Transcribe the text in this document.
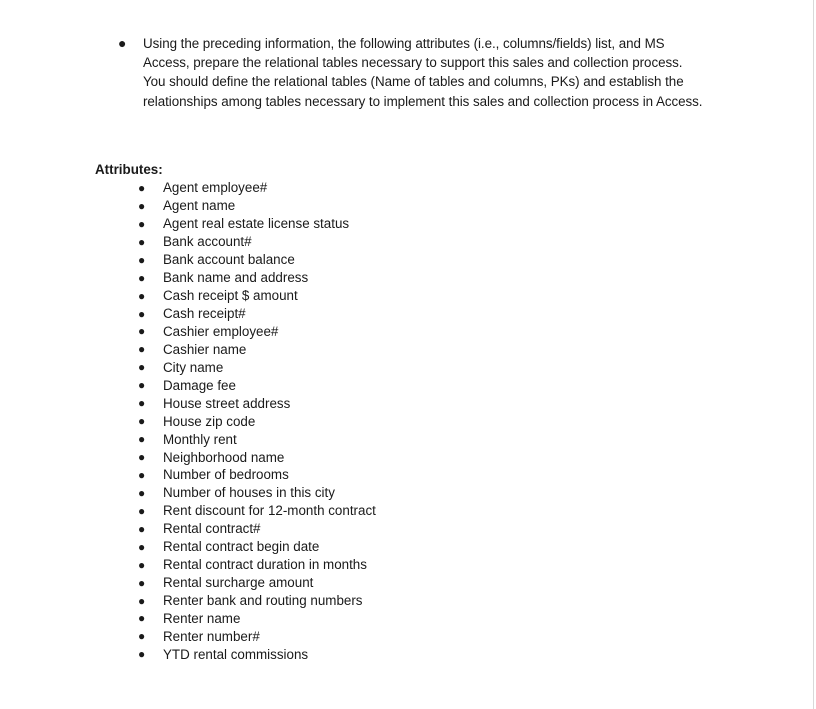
●	Using the preceding information, the following attributes (i.e., columns/fields) list, and MS Access, prepare the relational tables necessary to support this sales and collection process. You should define the relational tables (Name of tables and columns, PKs) and establish the relationships among tables necessary to implement this sales and collection process in Access.
Attributes:
●	Agent employee#
●	Agent name
●	Agent real estate license status
●	Bank account#
●	Bank account balance
●	Bank name and address
●	Cash receipt $ amount
●	Cash receipt#
●	Cashier employee#
●	Cashier name
●	City name
●	Damage fee
●	House street address
●	House zip code
●	Monthly rent
●	Neighborhood name
●	Number of bedrooms
●	Number of houses in this city
●	Rent discount for 12-month contract
●	Rental contract#
●	Rental contract begin date
●	Rental contract duration in months
●	Rental surcharge amount
●	Renter bank and routing numbers
●	Renter name
●	Renter number#
●	YTD rental commissions
